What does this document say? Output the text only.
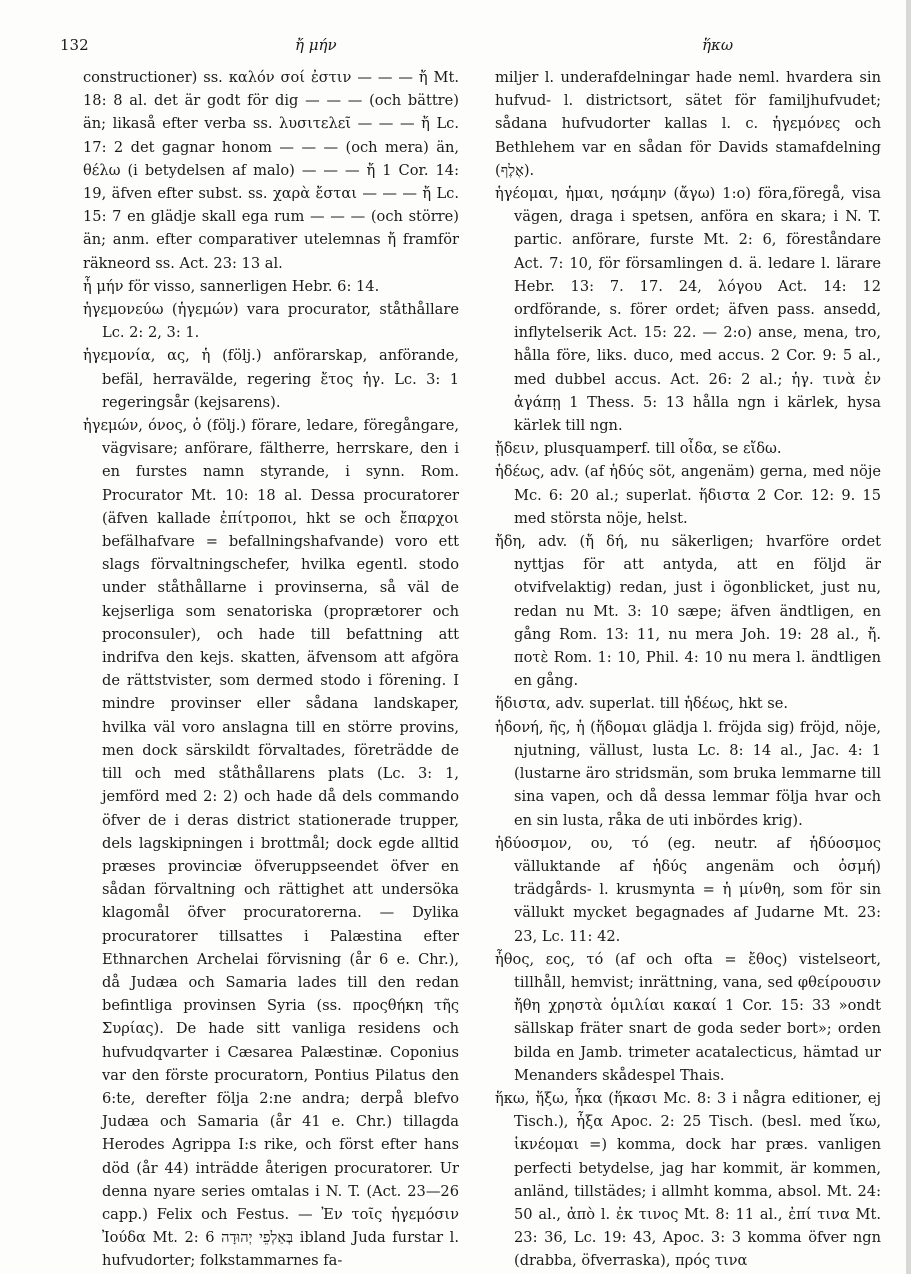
132	ἤ μήν	ἥκω

constructioner) ss. καλόν σοί ἐστιν — — — ἤ Mt. 18: 8 al. det är godt för dig — — — (och bättre) än; likaså efter verba ss. λυσιτελεῖ — — — ἤ Lc. 17: 2 det gagnar honom — — — (och mera) än, θέλω (i betydelsen af malo) — — — ἤ 1 Cor. 14: 19, äfven efter subst. ss. χαρὰ ἔσται — — — ἤ Lc. 15: 7 en glädje skall ega rum — — — (och större) än; anm. efter comparativer utelemnas ἤ framför räkneord ss. Act. 23: 13 al.

ἦ μήν för visso, sannerligen Hebr. 6: 14.

ἡγεμονεύω (ἡγεμών) vara procurator, ståthållare Lc. 2: 2, 3: 1.

ἡγεμονία, ας, ἡ (följ.) anförarskap, anförande, befäl, herravälde, regering ἔτος ἡγ. Lc. 3: 1 regeringsår (kejsarens).

ἡγεμών, όνος, ὁ (följ.) förare, ledare, föregångare, vägvisare; anförare, fältherre, herrskare, den i en furstes namn styrande, i synn. Rom. Procurator Mt. 10: 18 al. Dessa procuratorer (äfven kallade ἐπίτροποι, hkt se och ἔπαρχοι befälhafvare = befallningshafvande) voro ett slags förvaltningschefer, hvilka egentl. stodo under ståthållarne i provinserna, så väl de kejserliga som senatoriska (proprætorer och proconsuler), och hade till befattning att indrifva den kejs. skatten, äfvensom att afgöra de rättstvister, som dermed stodo i förening. I mindre provinser eller sådana landskaper, hvilka väl voro anslagna till en större provins, men dock särskildt förvaltades, företrädde de till och med ståthållarens plats (Lc. 3: 1, jemförd med 2: 2) och hade då dels commando öfver de i deras district stationerade trupper, dels lagskipningen i brottmål; dock egde alltid præses provinciæ öfveruppseendet öfver en sådan förvaltning och rättighet att undersöka klagomål öfver procuratorerna. — Dylika procuratorer tillsattes i Palæstina efter Ethnarchen Archelai förvisning (år 6 e. Chr.), då Judæa och Samaria lades till den redan befintliga provinsen Syria (ss. προςθήκη τῆς Συρίας). De hade sitt vanliga residens och hufvudqvarter i Cæsarea Palæstinæ. Coponius var den förste procuratorn, Pontius Pilatus den 6:te, derefter följa 2:ne andra; derpå blefvo Judæa och Samaria (år 41 e. Chr.) tillagda Herodes Agrippa I:s rike, och först efter hans död (år 44) inträdde återigen procuratorer. Ur denna nyare series omtalas i N. T. (Act. 23—26 capp.) Felix och Festus. — Ἐν τοῖς ἡγεμόσιν Ἰούδα Mt. 2: 6 בְּאַלְפֵי יְהוּדָה ibland Juda furstar l. hufvudorter; folkstammarnes fa-

miljer l. underafdelningar hade neml. hvardera sin hufvud- l. districtsort, sätet för familjhufvudet; sådana hufvudorter kallas l. c. ἡγεμόνες och Bethlehem var en sådan för Davids stamafdelning (אֶלֶף).

ἡγέομαι, ἡμαι, ησάμην (ἄγω) 1:o) föra,föregå, visa vägen, draga i spetsen, anföra en skara; i N. T. partic. anförare, furste Mt. 2: 6, föreståndare Act. 7: 10, för församlingen d. ä. ledare l. lärare Hebr. 13: 7. 17. 24, λόγου Act. 14: 12 ordförande, s. förer ordet; äfven pass. ansedd, inflytelserik Act. 15: 22. — 2:o) anse, mena, tro, hålla före, liks. duco, med accus. 2 Cor. 9: 5 al., med dubbel accus. Act. 26: 2 al.; ἡγ. τινὰ ἐν ἀγάπῃ 1 Thess. 5: 13 hålla ngn i kärlek, hysa kärlek till ngn.

ᾔδειν, plusquamperf. till οἶδα, se εἴδω.

ἡδέως, adv. (af ἡδύς söt, angenäm) gerna, med nöje Mc. 6: 20 al.; superlat. ἥδιστα 2 Cor. 12: 9. 15 med största nöje, helst.

ἤδη, adv. (ἤ δή, nu säkerligen; hvarföre ordet nyttjas för att antyda, att en följd är otvifvelaktig) redan, just i ögonblicket, just nu, redan nu Mt. 3: 10 sæpe; äfven ändtligen, en gång Rom. 13: 11, nu mera Joh. 19: 28 al., ἤ. ποτὲ Rom. 1: 10, Phil. 4: 10 nu mera l. ändtligen en gång.

ἥδιστα, adv. superlat. till ἡδέως, hkt se.

ἡδονή, ῆς, ἡ (ἥδομαι glädja l. fröjda sig) fröjd, nöje, njutning, vällust, lusta Lc. 8: 14 al., Jac. 4: 1 (lustarne äro stridsmän, som bruka lemmarne till sina vapen, och då dessa lemmar följa hvar och en sin lusta, råka de uti inbördes krig).

ἡδύοσμον, ου, τό (eg. neutr. af ἡδύοσμος välluktande af ἡδύς angenäm och ὀσμή) trädgårds- l. krusmynta = ἡ μίνθη, som för sin vällukt mycket begagnades af Judarne Mt. 23: 23, Lc. 11: 42.

ἦθος, εος, τό (af och ofta = ἔθος) vistelseort, tillhåll, hemvist; inrättning, vana, sed φθείρουσιν ἤθη χρηστὰ ὁμιλίαι κακαί 1 Cor. 15: 33 »ondt sällskap fräter snart de goda seder bort»; orden bilda en Jamb. trimeter acatalecticus, hämtad ur Menanders skådespel Thais.

ἥκω, ἥξω, ἧκα (ἥκασι Mc. 8: 3 i några editioner, ej Tisch.), ἧξα Apoc. 2: 25 Tisch. (besl. med ἵκω, ἱκνέομαι =) komma, dock har præs. vanligen perfecti betydelse, jag har kommit, är kommen, anländ, tillstädes; i allmht komma, absol. Mt. 24: 50 al., ἀπὸ l. ἐκ τινος Mt. 8: 11 al., ἐπί τινα Mt. 23: 36, Lc. 19: 43, Apoc. 3: 3 komma öfver ngn (drabba, öfverraska), πρός τινα
